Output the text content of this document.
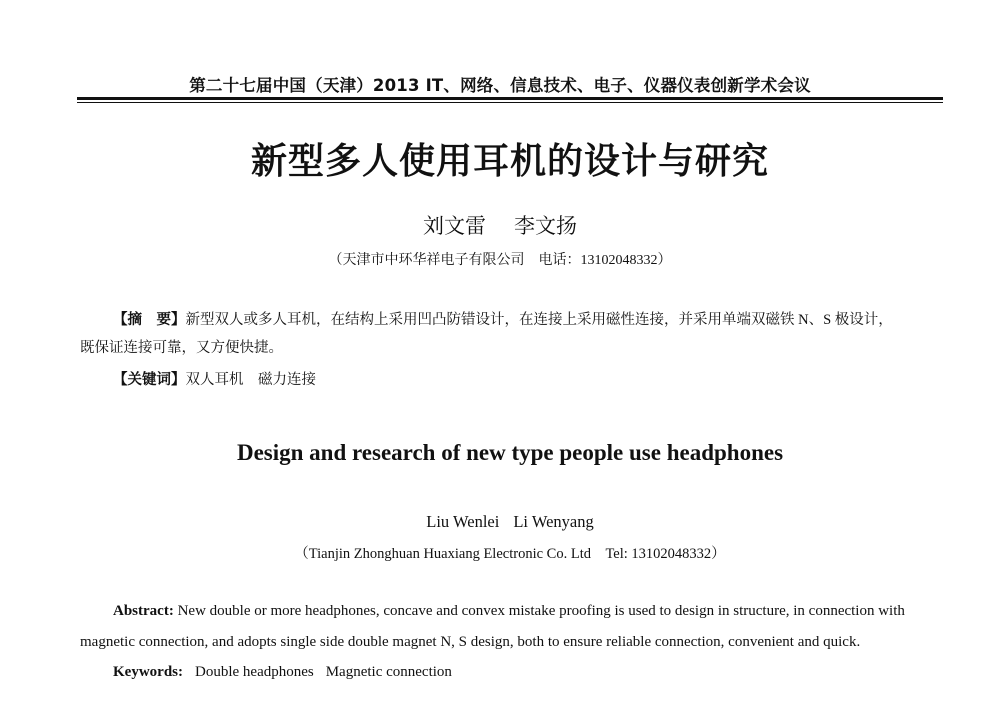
第二十七届中国（天津）2013 IT、网络、信息技术、电子、仪器仪表创新学术会议
新型多人使用耳机的设计与研究
刘文雷 李文扬
（天津市中环华祥电子有限公司　电话：13102048332）
【摘　要】新型双人或多人耳机，在结构上采用凹凸防错设计，在连接上采用磁性连接，并采用单端双磁铁 N、S 极设计，
既保证连接可靠，又方便快捷。
【关键词】双人耳机　磁力连接
Design and research of new type people use headphones
Liu Wenlei Li Wenyang
（Tianjin Zhonghuan Huaxiang Electronic Co. Ltd　Tel: 13102048332）
Abstract: New double or more headphones, concave and convex mistake proofing is used to design in structure, in connection with
magnetic connection, and adopts single side double magnet N, S design, both to ensure reliable connection, convenient and quick.
Keywords: Double headphones Magnetic connection
